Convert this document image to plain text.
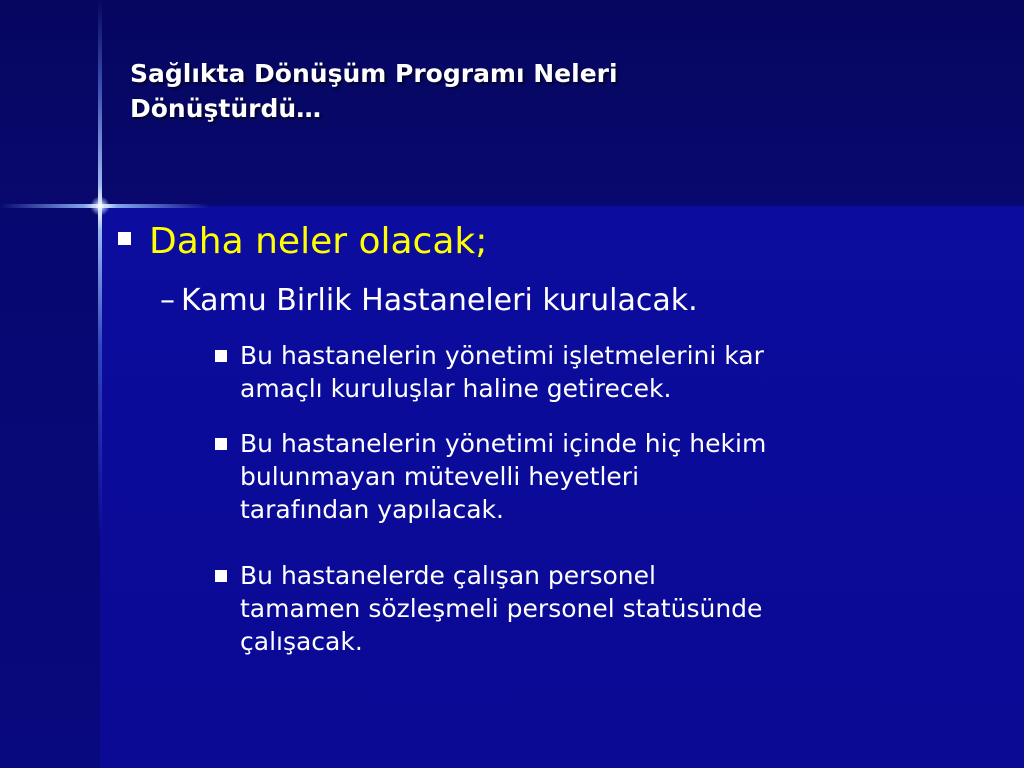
Sağlıkta Dönüşüm Programı Neleri
Dönüştürdü…
Daha neler olacak;
– Kamu Birlik Hastaneleri kurulacak.
Bu hastanelerin yönetimi işletmelerini kar
amaçlı kuruluşlar haline getirecek.
Bu hastanelerin yönetimi içinde hiç hekim
bulunmayan mütevelli heyetleri
tarafından yapılacak.
Bu hastanelerde çalışan personel
tamamen sözleşmeli personel statüsünde
çalışacak.
